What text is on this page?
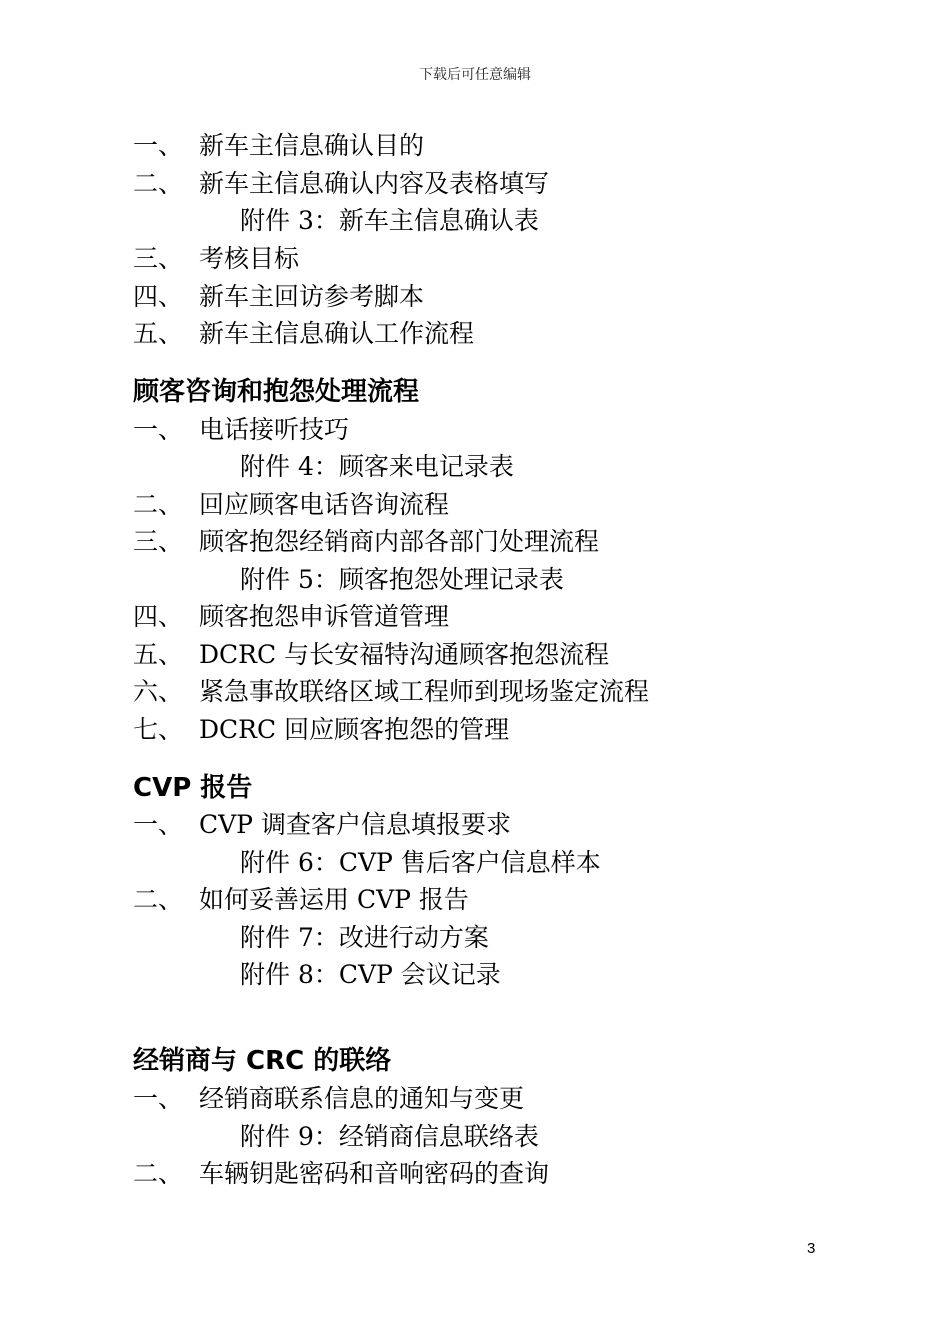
下载后可任意编辑
一、 新车主信息确认目的
二、 新车主信息确认内容及表格填写
附件 3：新车主信息确认表
三、 考核目标
四、 新车主回访参考脚本
五、 新车主信息确认工作流程
顾客咨询和抱怨处理流程
一、 电话接听技巧
附件 4：顾客来电记录表
二、 回应顾客电话咨询流程
三、 顾客抱怨经销商内部各部门处理流程
附件 5：顾客抱怨处理记录表
四、 顾客抱怨申诉管道管理
五、 DCRC 与长安福特沟通顾客抱怨流程
六、 紧急事故联络区域工程师到现场鉴定流程
七、 DCRC 回应顾客抱怨的管理
CVP 报告
一、 CVP 调查客户信息填报要求
附件 6：CVP 售后客户信息样本
二、 如何妥善运用 CVP 报告
附件 7：改进行动方案
附件 8：CVP 会议记录
经销商与 CRC 的联络
一、 经销商联系信息的通知与变更
附件 9：经销商信息联络表
二、 车辆钥匙密码和音响密码的查询
3
